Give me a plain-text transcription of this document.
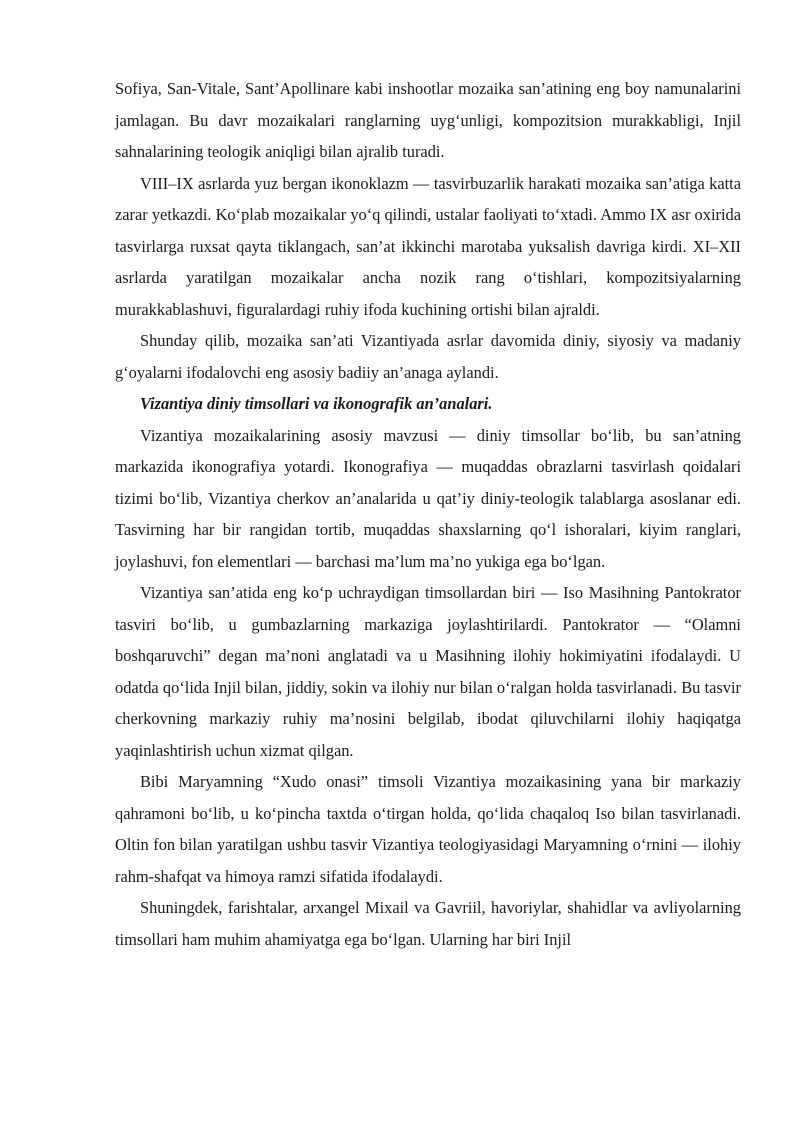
Sofiya, San-Vitale, Sant’Apollinare kabi inshootlar mozaika san’atining eng boy namunalarini jamlagan. Bu davr mozaikalari ranglarning uyg‘unligi, kompozitsion murakkabligi, Injil sahnalarining teologik aniqligi bilan ajralib turadi.

VIII–IX asrlarda yuz bergan ikonoklazm — tasvirbuzarlik harakati mozaika san’atiga katta zarar yetkazdi. Ko‘plab mozaikalar yo‘q qilindi, ustalar faoliyati to‘xtadi. Ammo IX asr oxirida tasvirlarga ruxsat qayta tiklangach, san’at ikkinchi marotaba yuksalish davriga kirdi. XI–XII asrlarda yaratilgan mozaikalar ancha nozik rang o‘tishlari, kompozitsiyalarning murakkablashuvi, figuralardagi ruhiy ifoda kuchining ortishi bilan ajraldi.

Shunday qilib, mozaika san’ati Vizantiyada asrlar davomida diniy, siyosiy va madaniy g‘oyalarni ifodalovchi eng asosiy badiiy an’anaga aylandi.

Vizantiya diniy timsollari va ikonografik an’analari.

Vizantiya mozaikalarining asosiy mavzusi — diniy timsollar bo‘lib, bu san’atning markazida ikonografiya yotardi. Ikonografiya — muqaddas obrazlarni tasvirlash qoidalari tizimi bo‘lib, Vizantiya cherkov an’analarida u qat’iy diniy-teologik talablarga asoslanar edi. Tasvirning har bir rangidan tortib, muqaddas shaxslarning qo‘l ishoralari, kiyim ranglari, joylashuvi, fon elementlari — barchasi ma’lum ma’no yukiga ega bo‘lgan.

Vizantiya san’atida eng ko‘p uchraydigan timsollardan biri — Iso Masihning Pantokrator tasviri bo‘lib, u gumbazlarning markaziga joylashtirilardi. Pantokrator — “Olamni boshqaruvchi” degan ma’noni anglatadi va u Masihning ilohiy hokimiyatini ifodalaydi. U odatda qo‘lida Injil bilan, jiddiy, sokin va ilohiy nur bilan o‘ralgan holda tasvirlanadi. Bu tasvir cherkovning markaziy ruhiy ma’nosini belgilab, ibodat qiluvchilarni ilohiy haqiqatga yaqinlashtirish uchun xizmat qilgan.

Bibi Maryamning “Xudo onasi” timsoli Vizantiya mozaikasining yana bir markaziy qahramoni bo‘lib, u ko‘pincha taxtda o‘tirgan holda, qo‘lida chaqaloq Iso bilan tasvirlanadi. Oltin fon bilan yaratilgan ushbu tasvir Vizantiya teologiyasidagi Maryamning o‘rnini — ilohiy rahm-shafqat va himoya ramzi sifatida ifodalaydi.

Shuningdek, farishtalar, arxangel Mixail va Gavriil, havoriylar, shahidlar va avliyolarning timsollari ham muhim ahamiyatga ega bo‘lgan. Ularning har biri Injil
